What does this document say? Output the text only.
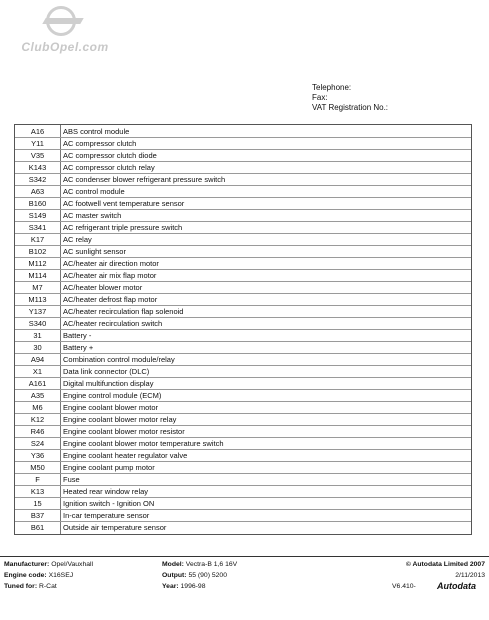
ClubOpel.com
Telephone:
Fax:
VAT Registration No.:
A16	ABS control module
Y11	AC compressor clutch
V35	AC compressor clutch diode
K143	AC compressor clutch relay
S342	AC condenser blower refrigerant pressure switch
A63	AC control module
B160	AC footwell vent temperature sensor
S149	AC master switch
S341	AC refrigerant triple pressure switch
K17	AC relay
B102	AC sunlight sensor
M112	AC/heater air direction motor
M114	AC/heater air mix flap motor
M7	AC/heater blower motor
M113	AC/heater defrost flap motor
Y137	AC/heater recirculation flap solenoid
S340	AC/heater recirculation switch
31	Battery -
30	Battery +
A94	Combination control module/relay
X1	Data link connector (DLC)
A161	Digital multifunction display
A35	Engine control module (ECM)
M6	Engine coolant blower motor
K12	Engine coolant blower motor relay
R46	Engine coolant blower motor resistor
S24	Engine coolant blower motor temperature switch
Y36	Engine coolant heater regulator valve
M50	Engine coolant pump motor
F	Fuse
K13	Heated rear window relay
15	Ignition switch - Ignition ON
B37	In-car temperature sensor
B61	Outside air temperature sensor
Manufacturer: Opel/Vauxhall
Engine code: X16SEJ
Tuned for: R-Cat
Model: Vectra-B 1,6 16V
Output: 55 (90) 5200
Year: 1996-98
© Autodata Limited 2007
2/11/2013
V6.410- Autodata
